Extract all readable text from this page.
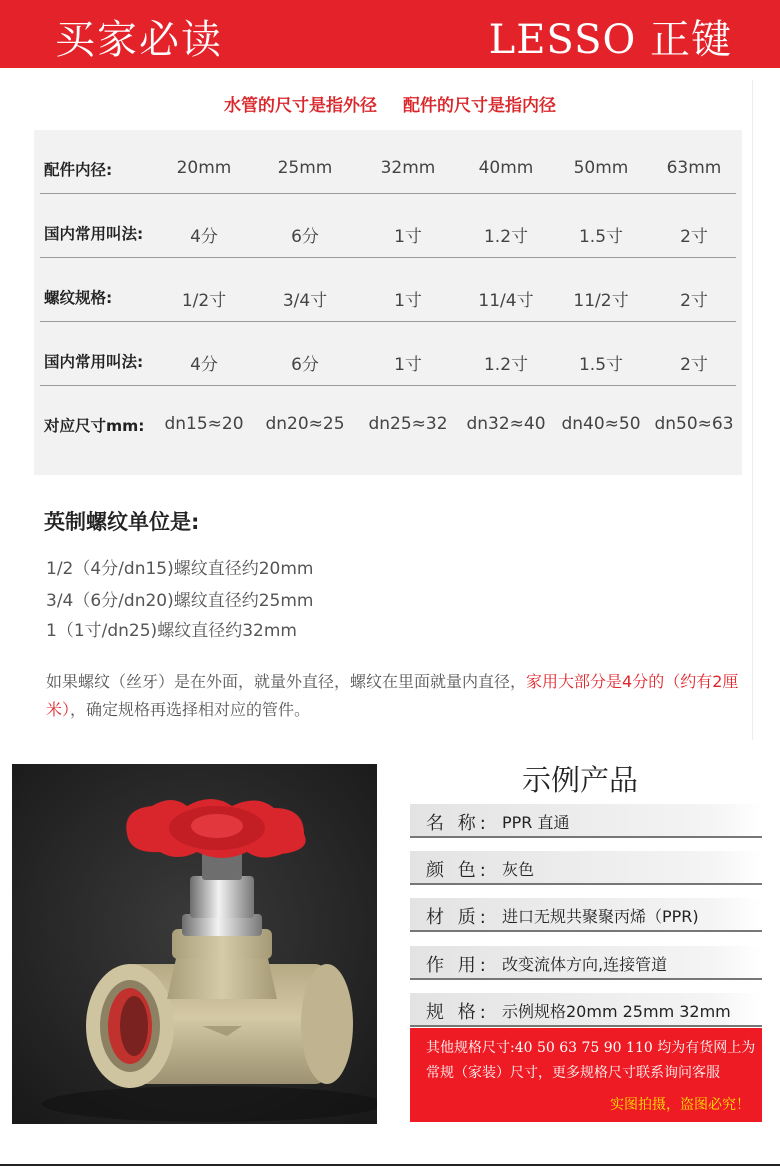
买家必读	LESSO 正键
水管的尺寸是指外径 配件的尺寸是指内径
配件内径:	20mm	25mm	32mm	40mm	50mm	63mm
国内常用叫法:	4分	6分	1寸	1.2寸	1.5寸	2寸
螺纹规格:	1/2寸	3/4寸	1寸	11/4寸	11/2寸	2寸
国内常用叫法:	4分	6分	1寸	1.2寸	1.5寸	2寸
对应尺寸mm:	dn15≈20	dn20≈25	dn25≈32	dn32≈40 dn40≈50 dn50≈63
英制螺纹单位是:
1/2（4分/dn15)螺纹直径约20mm
3/4（6分/dn20)螺纹直径约25mm
1（1寸/dn25)螺纹直径约32mm
如果螺纹（丝牙）是在外面，就量外直径，螺纹在里面就量内直径，家用大部分是4分的（约有2厘米），确定规格再选择相对应的管件。
示例产品
名 称: PPR 直通
颜 色: 灰色
材 质: 进口无规共聚聚丙烯（PPR)
作 用: 改变流体方向,连接管道
规 格: 示例规格20mm 25mm 32mm
其他规格尺寸:40 50 63 75 90 110 均为有货网上为常规（家装）尺寸，更多规格尺寸联系询问客服
实图拍摄，盗图必究！
